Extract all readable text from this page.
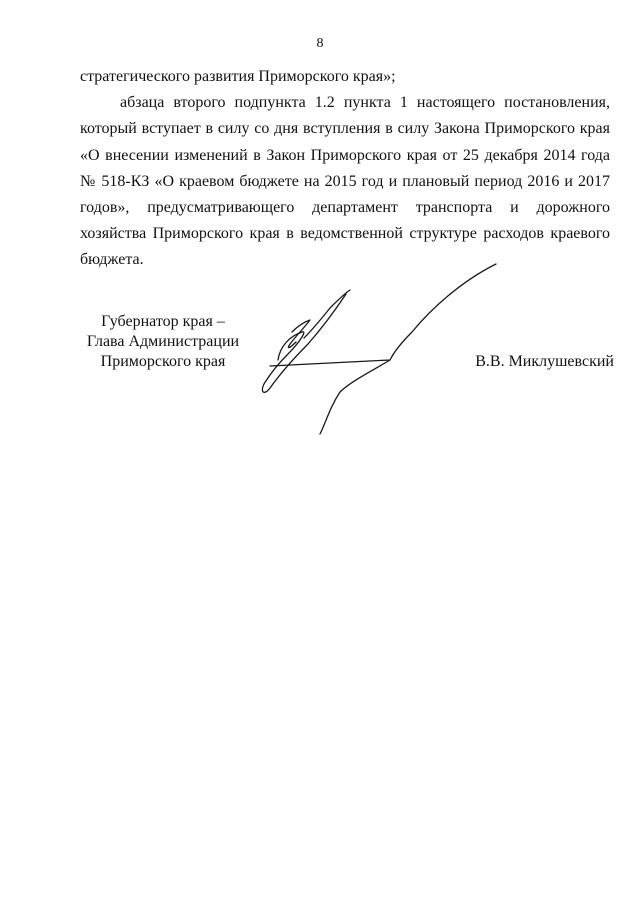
8

стратегического развития Приморского края»;

абзаца второго подпункта 1.2 пункта 1 настоящего постановления, который вступает в силу со дня вступления в силу Закона Приморского края «О внесении изменений в Закон Приморского края от 25 декабря 2014 года № 518-КЗ «О краевом бюджете на 2015 год и плановый период 2016 и 2017 годов», предусматривающего департамент транспорта и дорожного хозяйства Приморского края в ведомственной структуре расходов краевого бюджета.

Губернатор края –
Глава Администрации
Приморского края	В.В. Миклушевский
